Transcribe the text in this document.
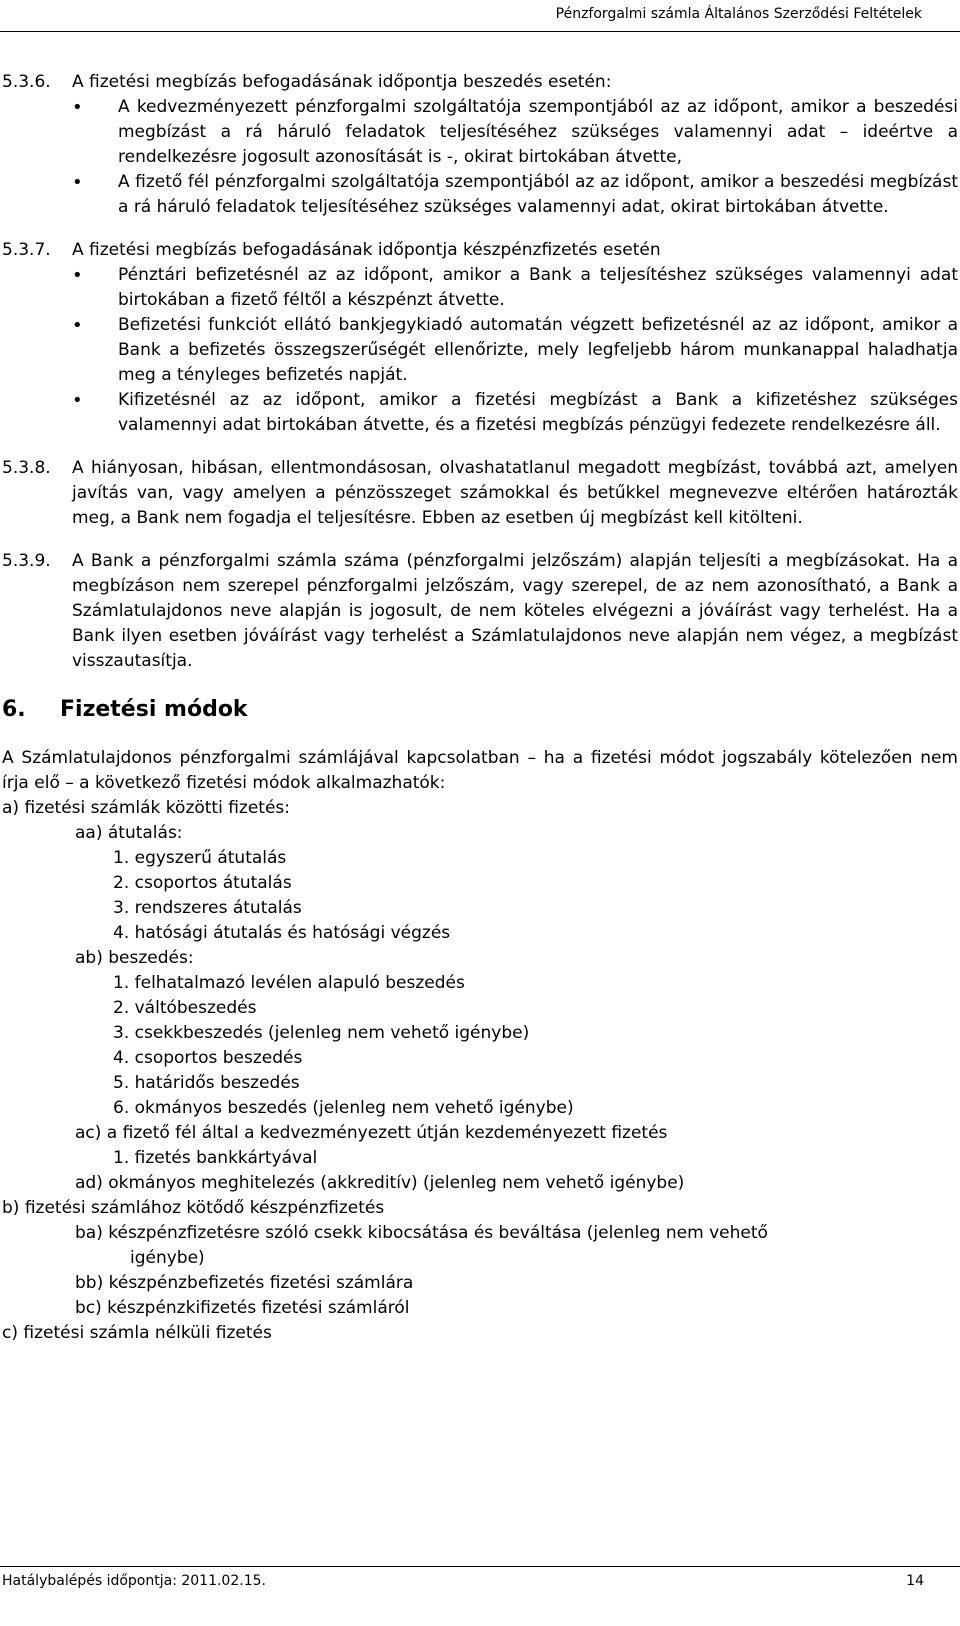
Pénzforgalmi számla Általános Szerződési Feltételek
5.3.6. A fizetési megbízás befogadásának időpontja beszedés esetén:

• A kedvezményezett pénzforgalmi szolgáltatója szempontjából az az időpont, amikor a beszedési megbízást a rá háruló feladatok teljesítéséhez szükséges valamennyi adat – ideértve a rendelkezésre jogosult azonosítását is -, okirat birtokában átvette,
• A fizető fél pénzforgalmi szolgáltatója szempontjából az az időpont, amikor a beszedési megbízást a rá háruló feladatok teljesítéséhez szükséges valamennyi adat, okirat birtokában átvette.
5.3.7. A fizetési megbízás befogadásának időpontja készpénzfizetés esetén

• Pénztári befizetésnél az az időpont, amikor a Bank a teljesítéshez szükséges valamennyi adat birtokában a fizető féltől a készpénzt átvette.
• Befizetési funkciót ellátó bankjegykiadó automatán végzett befizetésnél az az időpont, amikor a Bank a befizetés összegszerűségét ellenőrizte, mely legfeljebb három munkanappal haladhatja meg a tényleges befizetés napját.
• Kifizetésnél az az időpont, amikor a fizetési megbízást a Bank a kifizetéshez szükséges valamennyi adat birtokában átvette, és a fizetési megbízás pénzügyi fedezete rendelkezésre áll.
5.3.8. A hiányosan, hibásan, ellentmondásosan, olvashatatlanul megadott megbízást, továbbá azt, amelyen javítás van, vagy amelyen a pénzösszeget számokkal és betűkkel megnevezve eltérően határozták meg, a Bank nem fogadja el teljesítésre. Ebben az esetben új megbízást kell kitölteni.

5.3.9. A Bank a pénzforgalmi számla száma (pénzforgalmi jelzőszám) alapján teljesíti a megbízásokat. Ha a megbízáson nem szerepel pénzforgalmi jelzőszám, vagy szerepel, de az nem azonosítható, a Bank a Számlatulajdonos neve alapján is jogosult, de nem köteles elvégezni a jóváírást vagy terhelést. Ha a Bank ilyen esetben jóváírást vagy terhelést a Számlatulajdonos neve alapján nem végez, a megbízást visszautasítja.

6. Fizetési módok

A Számlatulajdonos pénzforgalmi számlájával kapcsolatban – ha a fizetési módot jogszabály kötelezően nem írja elő – a következő fizetési módok alkalmazhatók:

a) fizetési számlák közötti fizetés:
aa) átutalás:
1. egyszerű átutalás
2. csoportos átutalás
3. rendszeres átutalás
4. hatósági átutalás és hatósági végzés
ab) beszedés:
1. felhatalmazó levélen alapuló beszedés
2. váltóbeszedés
3. csekkbeszedés (jelenleg nem vehető igénybe)
4. csoportos beszedés
5. határidős beszedés
6. okmányos beszedés (jelenleg nem vehető igénybe)
ac) a fizető fél által a kedvezményezett útján kezdeményezett fizetés
1. fizetés bankkártyával
ad) okmányos meghitelezés (akkreditív) (jelenleg nem vehető igénybe)
b) fizetési számlához kötődő készpénzfizetés
ba) készpénzfizetésre szóló csekk kibocsátása és beváltása (jelenleg nem vehető
igénybe)
bb) készpénzbefizetés fizetési számlára
bc) készpénzkifizetés fizetési számláról
c) fizetési számla nélküli fizetés
Hatálybalépés időpontja: 2011.02.15.	14
